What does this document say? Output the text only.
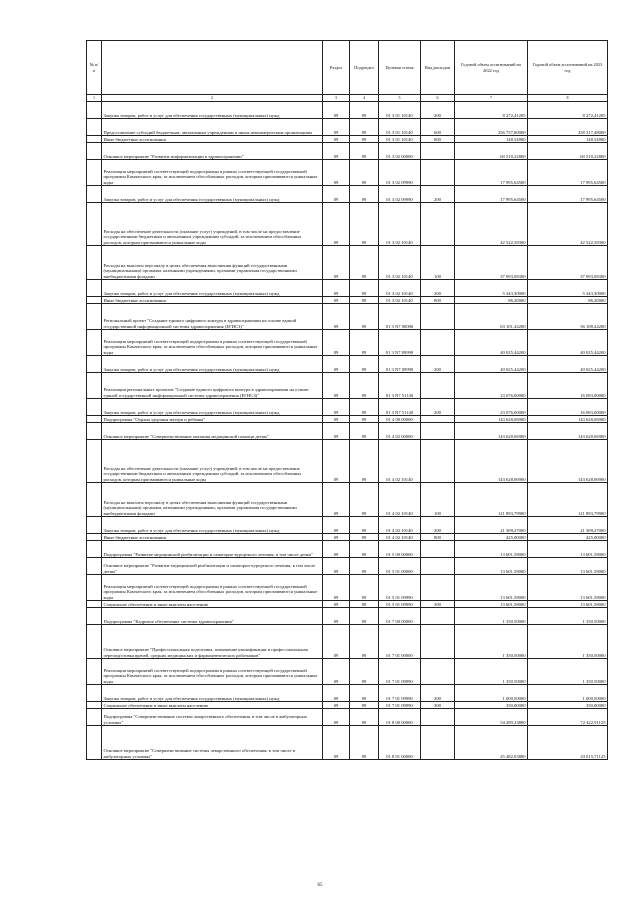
№ п/п		Раздел	Подраздел	Целевая статья	Вид расходов	Годовой объем ассигнований на 2022 год	Годовой объем ассигнований на 2023 год
1	2	3	4	5	6	7	8
	Закупка товаров, работ и услуг для обеспечения государственных (муниципальных) нужд	09	09	01 3 01 10140	200	8 272,41205	8 272,41205
	Предоставление субсидий бюджетным, автономным учреждениям и иным некоммерческим организациям	09	09	01 3 01 10140	600	256 757,80000	258 317,48000
	Иные бюджетные ассигнования	09	09	01 3 01 10140	800	148,54800	148,54800
	Основное мероприятие "Развитие информатизации в здравоохранении"	09	09	01 3 02 00000		60 518,22800	60 518,22800
	Реализация мероприятий соответствующей подпрограммы в рамках соответствующей государственной программы Камчатского края, за исключением обособленных расходов, которым присваиваются уникальные коды	09	09	01 3 02 09990		17 995,64500	17 995,64500
	Закупка товаров, работ и услуг для обеспечения государственных (муниципальных) нужд	09	09	01 3 02 09990	200	17 995,64500	17 995,64500
	Расходы на обеспечение деятельности (оказание услуг) учреждений, в том числе на предоставление государственным бюджетным и автономным учреждениям субсидий, за исключением обособленных расходов, которым присваиваются уникальные коды	09	09	01 3 02 10140		42 522,58300	42 522,58300
	Расходы на выплаты персоналу в целях обеспечения выполнения функций государственными (муниципальными) органами, казенными учреждениями, органами управления государственными внебюджетными фондами	09	09	01 3 02 10140	100	37 093,08300	37 093,08300
	Закупка товаров, работ и услуг для обеспечения государственных (муниципальных) нужд	09	09	01 3 02 10140	200	5 343,30000	5 343,30000
	Иные бюджетные ассигнования	09	09	01 3 02 10140	800	86,20000	86,20000
	Региональный проект "Создание единого цифрового контура в здравоохранении на основе единой государственной информационной системы здравоохранения (ЕГИСЗ)"	09	09	01 3 N7 00000		63 101,44200	56 108,44200
	Реализация мероприятий соответствующей подпрограммы в рамках соответствующей государственной программы Камчатского края, за исключением обособленных расходов, которым присваиваются уникальные коды	09	09	01 3 N7 09990		40 025,44200	40 025,44200
	Закупка товаров, работ и услуг для обеспечения государственных (муниципальных) нужд	09	09	01 3 N7 09990	200	40 025,44200	40 025,44200
	Реализация региональных проектов "Создание единого цифрового контура в здравоохранении на основе единой государственной информационной системы здравоохранения (ЕГИСЗ)"	09	09	01 3 N7 51140		23 076,00000	16 083,00000
	Закупка товаров, работ и услуг для обеспечения государственных (муниципальных) нужд	09	09	01 3 N7 51140	200	23 076,00000	16 083,00000
	Подпрограмма "Охрана здоровья матери и ребенка"	09	09	01 4 00 00000		143 628,06900	143 628,06900
	Основное мероприятие "Совершенствование оказания медицинской помощи детям"	09	09	01 4 02 00000		143 628,06900	143 628,06900
	Расходы на обеспечение деятельности (оказание услуг) учреждений, в том числе на предоставление государственным бюджетным и автономным учреждениям субсидий, за исключением обособленных расходов, которым присваиваются уникальные коды	09	09	01 4 02 10140		143 628,06900	143 628,06900
	Расходы на выплаты персоналу в целях обеспечения выполнения функций государственными (муниципальными) органами, казенными учреждениями, органами управления государственными внебюджетными фондами	09	09	01 4 02 10140	100	121 893,79900	121 893,79900
	Закупка товаров, работ и услуг для обеспечения государственных (муниципальных) нужд	09	09	01 4 02 10140	200	21 309,27000	21 309,27000
	Иные бюджетные ассигнования	09	09	01 4 02 10140	800	425,00000	425,00000
	Подпрограмма "Развитие медицинской реабилитации и санаторно-курортного лечения, в том числе детям"	09	09	01 5 00 00000		13 601,58000	13 601,58000
	Основное мероприятие "Развитие медицинской реабилитации и санаторно-курортного лечения, в том числе детям"	09	09	01 5 01 00000		13 601,58000	13 601,58000
	Реализация мероприятий соответствующей подпрограммы в рамках соответствующей государственной программы Камчатского края, за исключением обособленных расходов, которым присваиваются уникальные коды	09	09	01 5 01 09990		13 601,58000	13 601,58000
	Социальное обеспечение и иные выплаты населению	09	09	01 5 01 09990	300	13 601,58000	13 601,58000
	Подпрограмма "Кадровое обеспечение системы здравоохранения"	09	09	01 7 00 00000		1 350,50000	1 350,50000
	Основное мероприятие "Профессиональная подготовка, повышение квалификации и профессиональная переподготовка врачей, средних медицинских и фармацевтических работников"	09	09	01 7 01 00000		1 350,50000	1 350,50000
	Реализация мероприятий соответствующей подпрограммы в рамках соответствующей государственной программы Камчатского края, за исключением обособленных расходов, которым присваиваются уникальные коды	09	09	01 7 01 09990		1 350,50000	1 350,50000
	Закупка товаров, работ и услуг для обеспечения государственных (муниципальных) нужд	09	09	01 7 01 09990	200	1 000,50000	1 000,50000
	Социальное обеспечение и иные выплаты населению	09	09	01 7 01 09990	300	350,00000	350,00000
	Подпрограмма "Совершенствование системы лекарственного обеспечения, в том числе в амбулаторных условиях"	09	09	01 8 00 00000		54 289,23880	72 422,91125
	Основное мероприятие "Совершенствование системы лекарственного обеспечения, в том числе в амбулаторных условиях"	09	09	01 8 01 00000		25 482,03880	43 615,71125
65
